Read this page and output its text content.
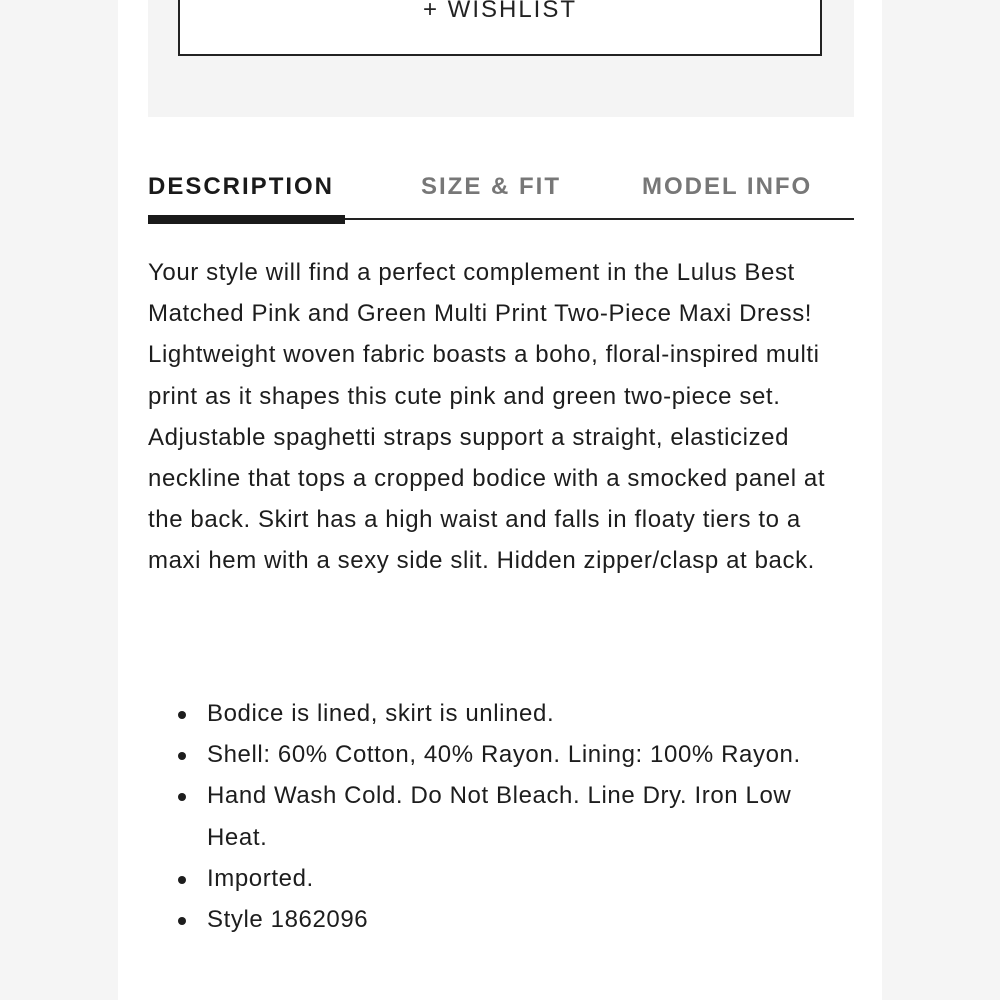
+ WISHLIST
DESCRIPTION	SIZE & FIT	MODEL INFO

Your style will find a perfect complement in the Lulus Best Matched Pink and Green Multi Print Two-Piece Maxi Dress! Lightweight woven fabric boasts a boho, floral-inspired multi print as it shapes this cute pink and green two-piece set. Adjustable spaghetti straps support a straight, elasticized neckline that tops a cropped bodice with a smocked panel at the back. Skirt has a high waist and falls in floaty tiers to a maxi hem with a sexy side slit. Hidden zipper/clasp at back.

Bodice is lined, skirt is unlined.
Shell: 60% Cotton, 40% Rayon. Lining: 100% Rayon.
Hand Wash Cold. Do Not Bleach. Line Dry. Iron Low Heat.
Imported.
Style 1862096
